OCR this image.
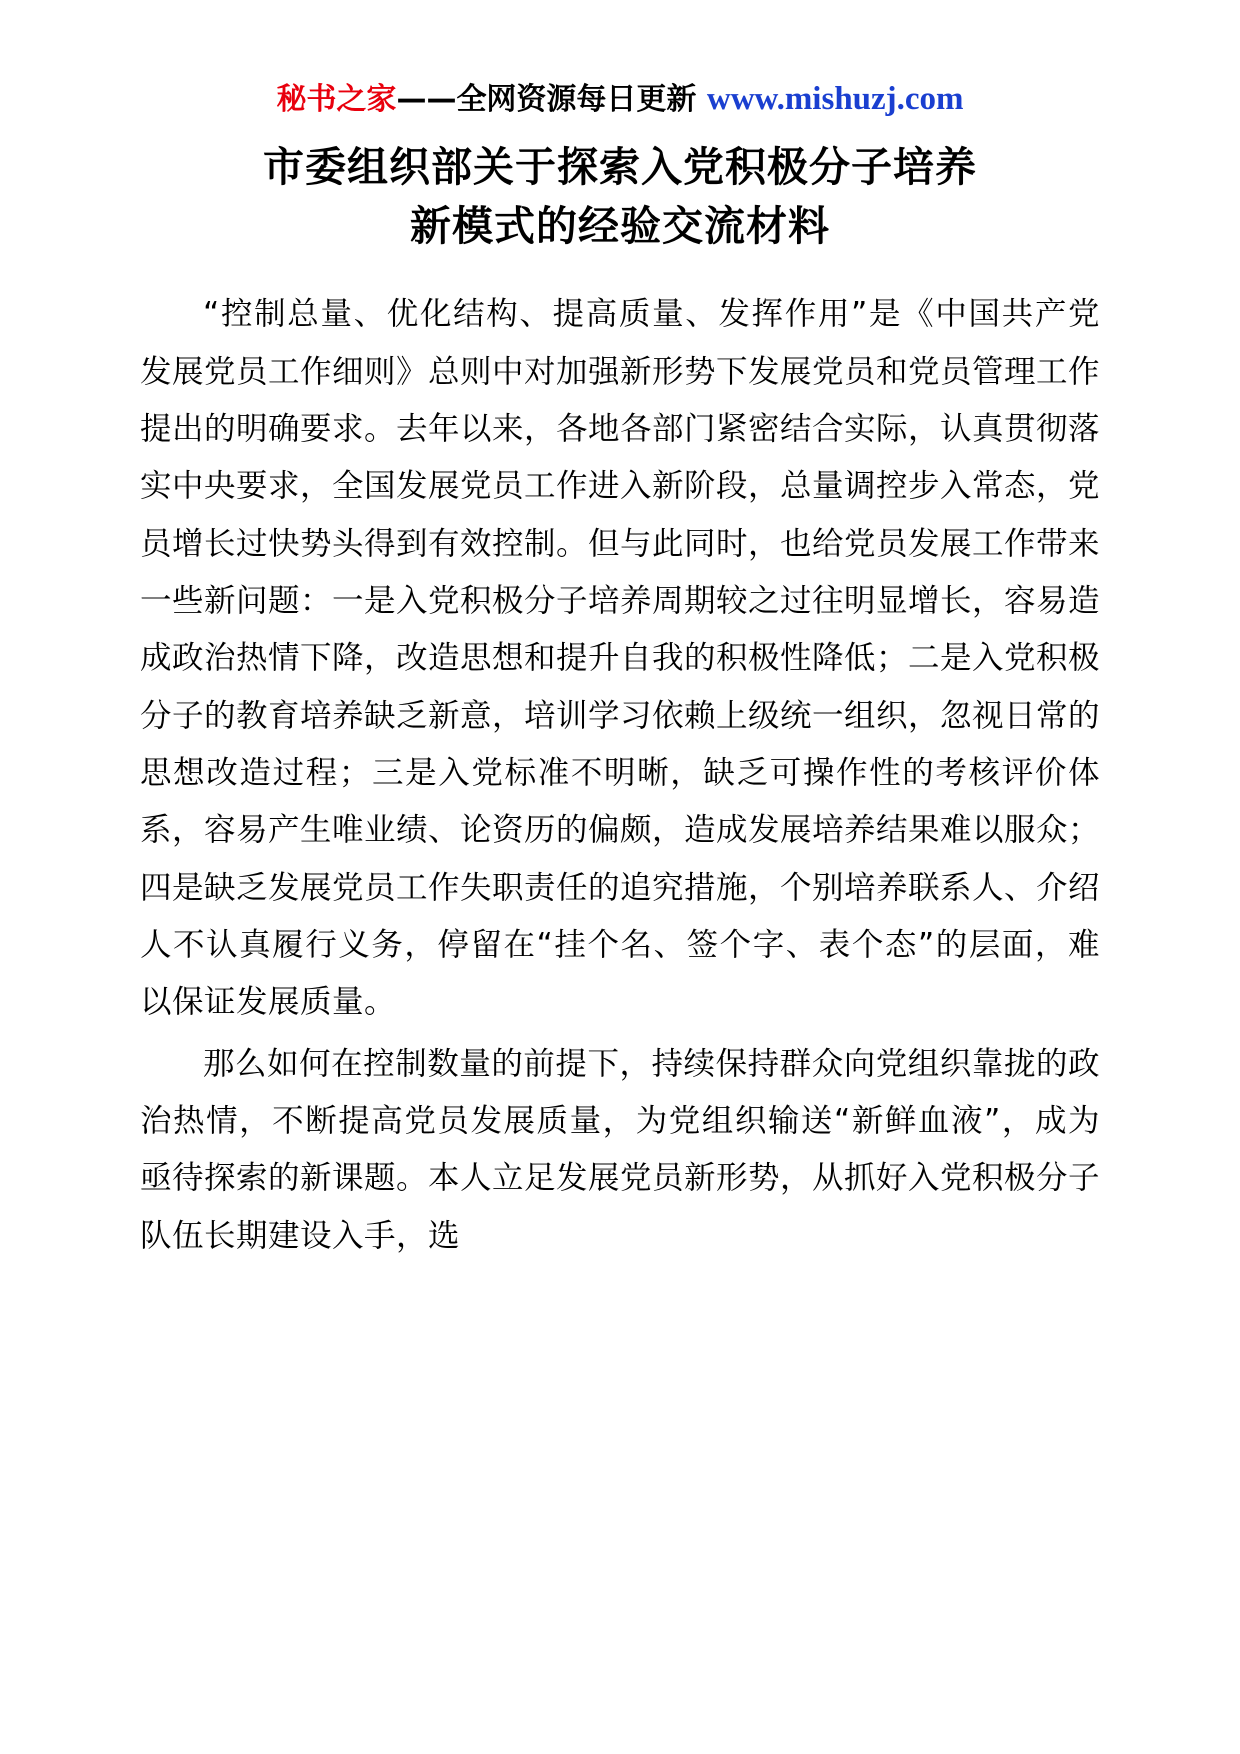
秘书之家——全网资源每日更新 www.mishuzj.com
市委组织部关于探索入党积极分子培养
新模式的经验交流材料

“控制总量、优化结构、提高质量、发挥作用”是《中国共产党发展党员工作细则》总则中对加强新形势下发展党员和党员管理工作提出的明确要求。去年以来，各地各部门紧密结合实际，认真贯彻落实中央要求，全国发展党员工作进入新阶段，总量调控步入常态，党员增长过快势头得到有效控制。但与此同时，也给党员发展工作带来一些新问题：一是入党积极分子培养周期较之过往明显增长，容易造成政治热情下降，改造思想和提升自我的积极性降低；二是入党积极分子的教育培养缺乏新意，培训学习依赖上级统一组织，忽视日常的思想改造过程；三是入党标准不明晰，缺乏可操作性的考核评价体系，容易产生唯业绩、论资历的偏颇，造成发展培养结果难以服众；四是缺乏发展党员工作失职责任的追究措施，个别培养联系人、介绍人不认真履行义务，停留在“挂个名、签个字、表个态”的层面，难以保证发展质量。

那么如何在控制数量的前提下，持续保持群众向党组织靠拢的政治热情，不断提高党员发展质量，为党组织输送“新鲜血液”，成为亟待探索的新课题。本人立足发展党员新形势，从抓好入党积极分子队伍长期建设入手，选
